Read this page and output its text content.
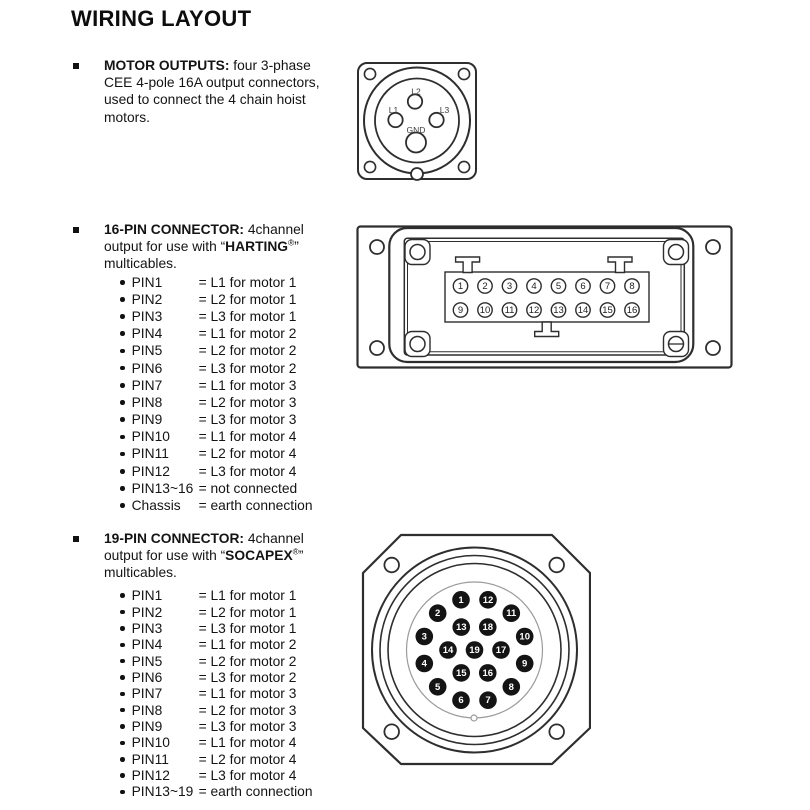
WIRING LAYOUT

MOTOR OUTPUTS: four 3-phase
CEE 4-pole 16A output connectors,
used to connect the 4 chain hoist
motors.

L2
L1	L3
GND

16-PIN CONNECTOR: 4channel
output for use with “HARTING®”
multicables.

PIN1	= L1 for motor 1
PIN2	= L2 for motor 1
PIN3	= L3 for motor 1
PIN4	= L1 for motor 2
PIN5	= L2 for motor 2
PIN6	= L3 for motor 2
PIN7	= L1 for motor 3
PIN8	= L2 for motor 3
PIN9	= L3 for motor 3
PIN10	= L1 for motor 4
PIN11	= L2 for motor 4
PIN12	= L3 for motor 4
PIN13~16 = not connected
Chassis	= earth connection
1 2 3 4 5 6 7 8
9 10 11 12 13 14 15 16

19-PIN CONNECTOR: 4channel
output for use with “SOCAPEX®”
multicables.

PIN1	= L1 for motor 1
PIN2	= L2 for motor 1
PIN3	= L3 for motor 1
PIN4	= L1 for motor 2
PIN5	= L2 for motor 2
PIN6	= L3 for motor 2
PIN7	= L1 for motor 3
PIN8	= L2 for motor 3
PIN9	= L3 for motor 3
PIN10	= L1 for motor 4
PIN11	= L2 for motor 4
PIN12	= L3 for motor 4
PIN13~19 = earth connection
1
2
3
4
5
6 7
8
9
10
11
12
13
14
15 16
17
18
19
